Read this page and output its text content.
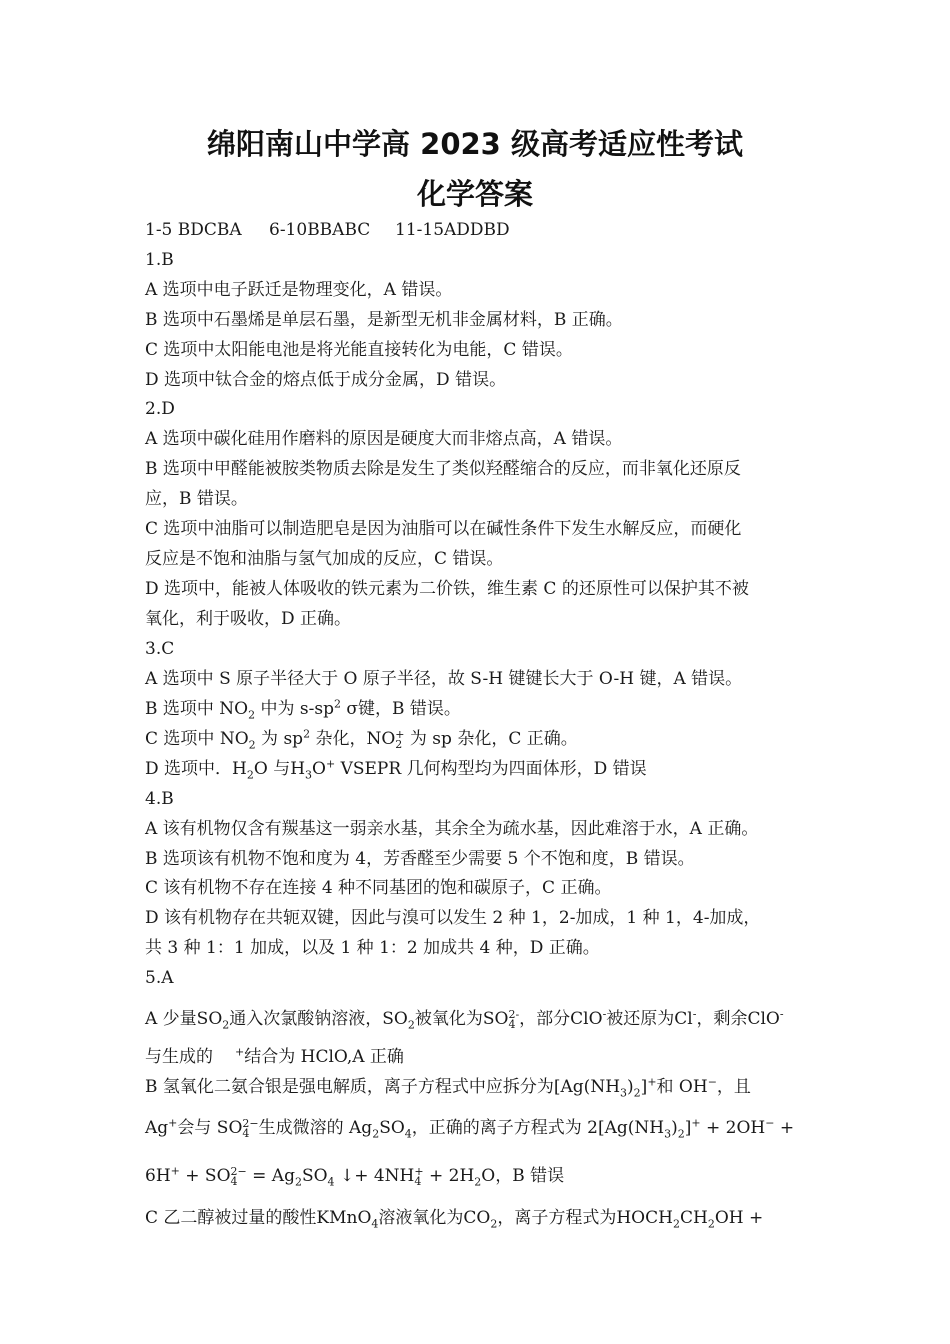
绵阳南山中学高 2023 级高考适应性考试
化学答案
1-5 BDCBA 6-10BBABC 11-15ADDBD
1.B
A 选项中电子跃迁是物理变化，A 错误。
B 选项中石墨烯是单层石墨，是新型无机非金属材料，B 正确。
C 选项中太阳能电池是将光能直接转化为电能，C 错误。
D 选项中钛合金的熔点低于成分金属，D 错误。
2.D
A 选项中碳化硅用作磨料的原因是硬度大而非熔点高，A 错误。
B 选项中甲醛能被胺类物质去除是发生了类似羟醛缩合的反应，而非氧化还原反
应，B 错误。
C 选项中油脂可以制造肥皂是因为油脂可以在碱性条件下发生水解反应，而硬化
反应是不饱和油脂与氢气加成的反应，C 错误。
D 选项中，能被人体吸收的铁元素为二价铁，维生素 C 的还原性可以保护其不被
氧化，利于吸收，D 正确。
3.C
A 选项中 S 原子半径大于 O 原子半径，故 S-H 键键长大于 O-H 键，A 错误。
B 选项中 $NO_2$ 中为 $s-sp^2$ σ键，B 错误。
C 选项中 $NO_2$ 为 $sp^2$ 杂化，NO +
2 为 sp 杂化，C 正确。
D 选项中．$H_2O$ 与$H_3O^+$ VSEPR 几何构型均为四面体形，D 错误
4.B
A 该有机物仅含有羰基这一弱亲水基，其余全为疏水基，因此难溶于水，A 正确。
B 选项该有机物不饱和度为 4，芳香醛至少需要 5 个不饱和度，B 错误。
C 该有机物不存在连接 4 种不同基团的饱和碳原子，C 正确。
D 该有机物存在共轭双键，因此与溴可以发生 2 种 1，2-加成，1 种 1，4-加成，
共 3 种 1：1 加成，以及 1 种 1：2 加成共 4 种，D 正确。
5.A
A 少量$SO_2$通入次氯酸钠溶液，$SO_2$被氧化为SO 2-
4 ，部分ClO-被还原为Cl-，剩余ClO-
与生成的 +结合为 HClO,A 正确
B 氢氧化二氨合银是强电解质，离子方程式中应拆分为$[Ag(NH_3)_2]^+$和 OH−，且
Ag+会与 SO 2−
4 生成微溶的 $Ag_2SO_4$，正确的离子方程式为 $2[Ag(NH_3)_2]^+ + 2OH^-$ +
6H+ + SO 2−
$4 = Ag_2SO_4$ ↓+ 4NH +
$4 + 2H_2O$，B 错误
C 乙二醇被过量的酸性KMnO$_4$溶液氧化为$CO_2$，离子方程式为$HOCH_2CH_2OH$ +
